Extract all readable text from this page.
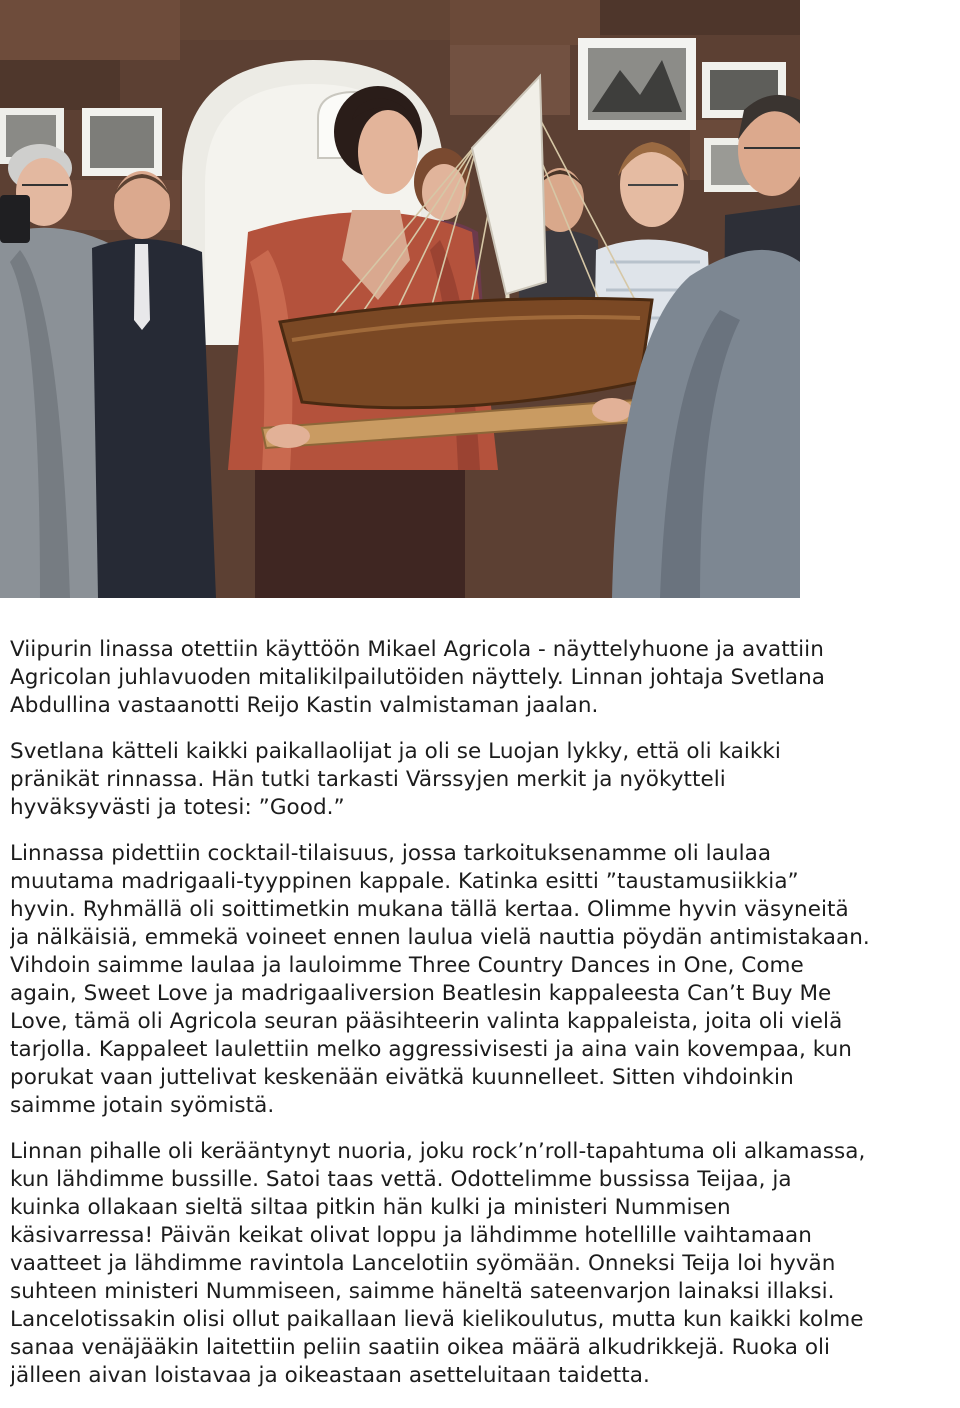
Viipurin linassa otettiin käyttöön Mikael Agricola - näyttelyhuone ja avattiin
Agricolan juhlavuoden mitalikilpailutöiden näyttely. Linnan johtaja Svetlana
Abdullina vastaanotti Reijo Kastin valmistaman jaalan.
Svetlana kätteli kaikki paikallaolijat ja oli se Luojan lykky, että oli kaikki
pränikät rinnassa. Hän tutki tarkasti Värssyjen merkit ja nyökytteli
hyväksyvästi ja totesi: ”Good.”
Linnassa pidettiin cocktail-tilaisuus, jossa tarkoituksenamme oli laulaa
muutama madrigaali-tyyppinen kappale. Katinka esitti ”taustamusiikkia”
hyvin. Ryhmällä oli soittimetkin mukana tällä kertaa. Olimme hyvin väsyneitä
ja nälkäisiä, emmekä voineet ennen laulua vielä nauttia pöydän antimistakaan.
Vihdoin saimme laulaa ja lauloimme Three Country Dances in One, Come
again, Sweet Love ja madrigaaliversion Beatlesin kappaleesta Can’t Buy Me
Love, tämä oli Agricola seuran pääsihteerin valinta kappaleista, joita oli vielä
tarjolla. Kappaleet laulettiin melko aggressivisesti ja aina vain kovempaa, kun
porukat vaan juttelivat keskenään eivätkä kuunnelleet. Sitten vihdoinkin
saimme jotain syömistä.
Linnan pihalle oli kerääntynyt nuoria, joku rock’n’roll-tapahtuma oli alkamassa,
kun lähdimme bussille. Satoi taas vettä. Odottelimme bussissa Teijaa, ja
kuinka ollakaan sieltä siltaa pitkin hän kulki ja ministeri Nummisen
käsivarressa! Päivän keikat olivat loppu ja lähdimme hotellille vaihtamaan
vaatteet ja lähdimme ravintola Lancelotiin syömään. Onneksi Teija loi hyvän
suhteen ministeri Nummiseen, saimme häneltä sateenvarjon lainaksi illaksi.
Lancelotissakin olisi ollut paikallaan lievä kielikoulutus, mutta kun kaikki kolme
sanaa venäjääkin laitettiin peliin saatiin oikea määrä alkudrikkejä. Ruoka oli
jälleen aivan loistavaa ja oikeastaan asetteluitaan taidetta.
